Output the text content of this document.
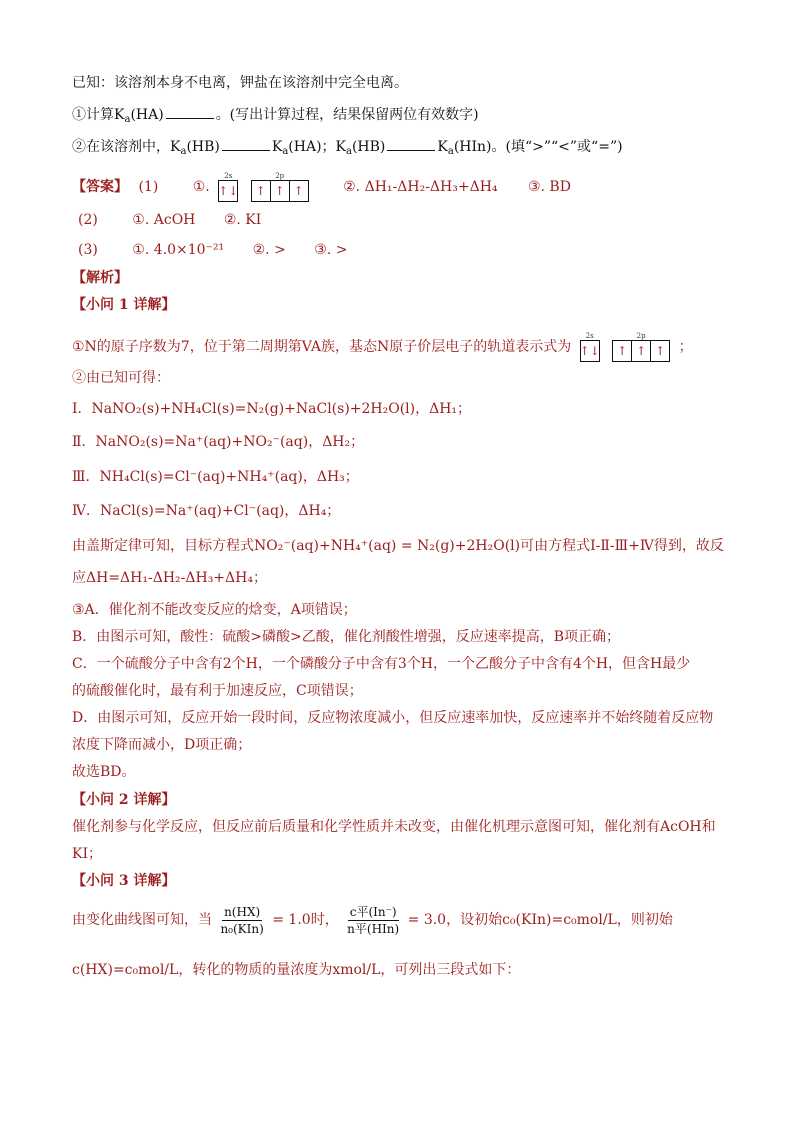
已知：该溶剂本身不电离，钾盐在该溶剂中完全电离。
①计算$K_a(HA)$	。(写出计算过程，结果保留两位有效数字)
②在该溶剂中，$K_a(HB)$	$K_a(HA)$；$K_a(HB)$	$K_a(HIn)$。(填“>”“<”或“=”)
【答案】 (1) ①.
2s
↑↓

2p
↑ ↑ ↑	②. ΔH₁-ΔH₂-ΔH₃+ΔH₄ ③. BD
(2) ①. AcOH ②. KI
(3) ①. 4.0×10⁻²¹ ②. > ③. >
【解析】
【小问 1 详解】
①N的原子序数为7，位于第二周期第VA族，基态N原子价层电子的轨道表示式为
2s
↑↓

2p
↑ ↑ ↑ ；
②由已知可得：
Ⅰ．NaNO₂(s)+NH₄Cl(s)=N₂(g)+NaCl(s)+2H₂O(l)，ΔH₁；
Ⅱ．NaNO₂(s)=Na⁺(aq)+NO₂⁻(aq)，ΔH₂；
Ⅲ．NH₄Cl(s)=Cl⁻(aq)+NH₄⁺(aq)，ΔH₃；
Ⅳ．NaCl(s)=Na⁺(aq)+Cl⁻(aq)，ΔH₄；
由盖斯定律可知，目标方程式NO₂⁻(aq)+NH₄⁺(aq) = N₂(g)+2H₂O(l)可由方程式Ⅰ-Ⅱ-Ⅲ+Ⅳ得到，故反
应ΔH=ΔH₁-ΔH₂-ΔH₃+ΔH₄；
③A．催化剂不能改变反应的焓变，A项错误；
B．由图示可知，酸性：硫酸>磷酸>乙酸，催化剂酸性增强，反应速率提高，B项正确；
C．一个硫酸分子中含有2个H，一个磷酸分子中含有3个H，一个乙酸分子中含有4个H，但含H最少
的硫酸催化时，最有利于加速反应，C项错误；
D．由图示可知，反应开始一段时间，反应物浓度减小，但反应速率加快，反应速率并不始终随着反应物
浓度下降而减小，D项正确；
故选BD。
【小问 2 详解】
催化剂参与化学反应，但反应前后质量和化学性质并未改变，由催化机理示意图可知，催化剂有AcOH和
KI；
【小问 3 详解】
由变化曲线图可知，当 $\frac{n(HX)}{\text{n₀(KIn)}} = 1.0$时， $\frac{\text{c平(In⁻)}}{\text{n平(HIn)}} = 3.0$，设初始c₀(KIn)=c₀mol/L，则初始
c(HX)=c₀mol/L，转化的物质的量浓度为xmol/L，可列出三段式如下：
